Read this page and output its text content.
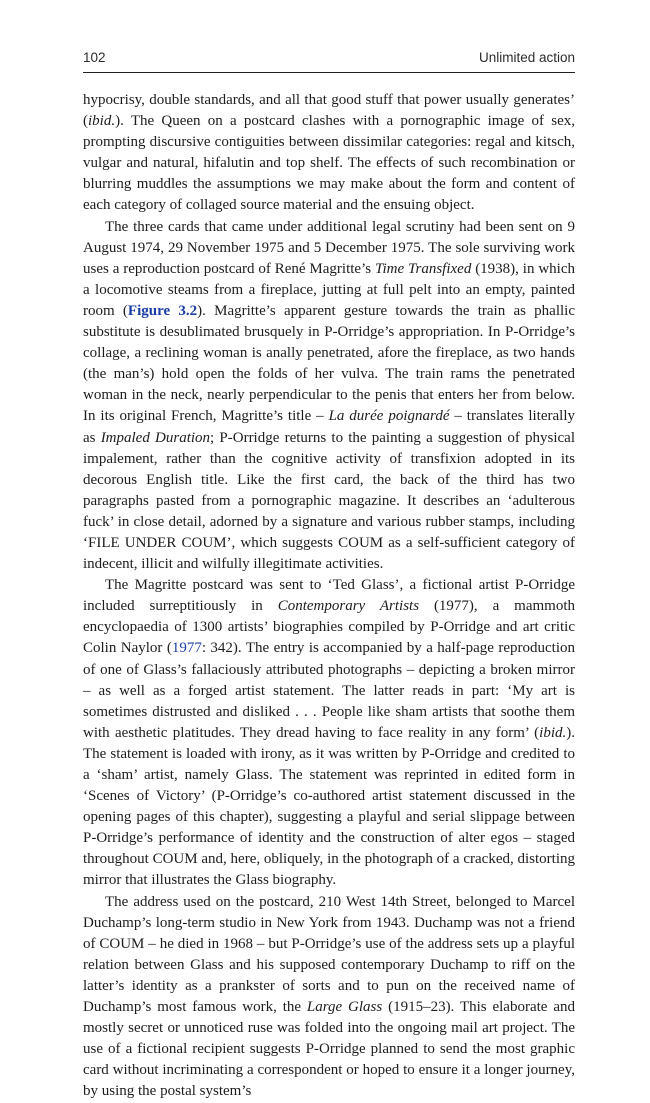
102	Unlimited action

hypocrisy, double standards, and all that good stuff that power usually generates’ (ibid.). The Queen on a postcard clashes with a pornographic image of sex, prompting discursive contiguities between dissimilar categories: regal and kitsch, vulgar and natural, hifalutin and top shelf. The effects of such recombination or blurring muddles the assumptions we may make about the form and content of each category of collaged source material and the ensuing object.

The three cards that came under additional legal scrutiny had been sent on 9 August 1974, 29 November 1975 and 5 December 1975. The sole surviving work uses a reproduction postcard of René Magritte’s Time Transfixed (1938), in which a locomotive steams from a fireplace, jutting at full pelt into an empty, painted room (Figure 3.2). Magritte’s apparent gesture towards the train as phallic substitute is desublimated brusquely in P-Orridge’s appropriation. In P-Orridge’s collage, a reclining woman is anally penetrated, afore the fireplace, as two hands (the man’s) hold open the folds of her vulva. The train rams the penetrated woman in the neck, nearly perpendicular to the penis that enters her from below. In its original French, Magritte’s title – La durée poignardé – translates literally as Impaled Duration; P-Orridge returns to the painting a suggestion of physical impalement, rather than the cognitive activity of transfixion adopted in its decorous English title. Like the first card, the back of the third has two paragraphs pasted from a pornographic magazine. It describes an ‘adulterous fuck’ in close detail, adorned by a signature and various rubber stamps, including ‘FILE UNDER COUM’, which suggests COUM as a self-sufficient category of indecent, illicit and wilfully illegitimate activities.

The Magritte postcard was sent to ‘Ted Glass’, a fictional artist P-Orridge included surreptitiously in Contemporary Artists (1977), a mammoth encyclopaedia of 1300 artists’ biographies compiled by P-Orridge and art critic Colin Naylor (1977: 342). The entry is accompanied by a half-page reproduction of one of Glass’s fallaciously attributed photographs – depicting a broken mirror – as well as a forged artist statement. The latter reads in part: ‘My art is sometimes distrusted and disliked . . . People like sham artists that soothe them with aesthetic platitudes. They dread having to face reality in any form’ (ibid.). The statement is loaded with irony, as it was written by P-Orridge and credited to a ‘sham’ artist, namely Glass. The statement was reprinted in edited form in ‘Scenes of Victory’ (P-Orridge’s co-authored artist statement discussed in the opening pages of this chapter), suggesting a playful and serial slippage between P-Orridge’s performance of identity and the construction of alter egos – staged throughout COUM and, here, obliquely, in the photograph of a cracked, distorting mirror that illustrates the Glass biography.

The address used on the postcard, 210 West 14th Street, belonged to Marcel Duchamp’s long-term studio in New York from 1943. Duchamp was not a friend of COUM – he died in 1968 – but P-Orridge’s use of the address sets up a playful relation between Glass and his supposed contemporary Duchamp to riff on the latter’s identity as a prankster of sorts and to pun on the received name of Duchamp’s most famous work, the Large Glass (1915–23). This elaborate and mostly secret or unnoticed ruse was folded into the ongoing mail art project. The use of a fictional recipient suggests P-Orridge planned to send the most graphic card without incriminating a correspondent or hoped to ensure it a longer journey, by using the postal system’s
